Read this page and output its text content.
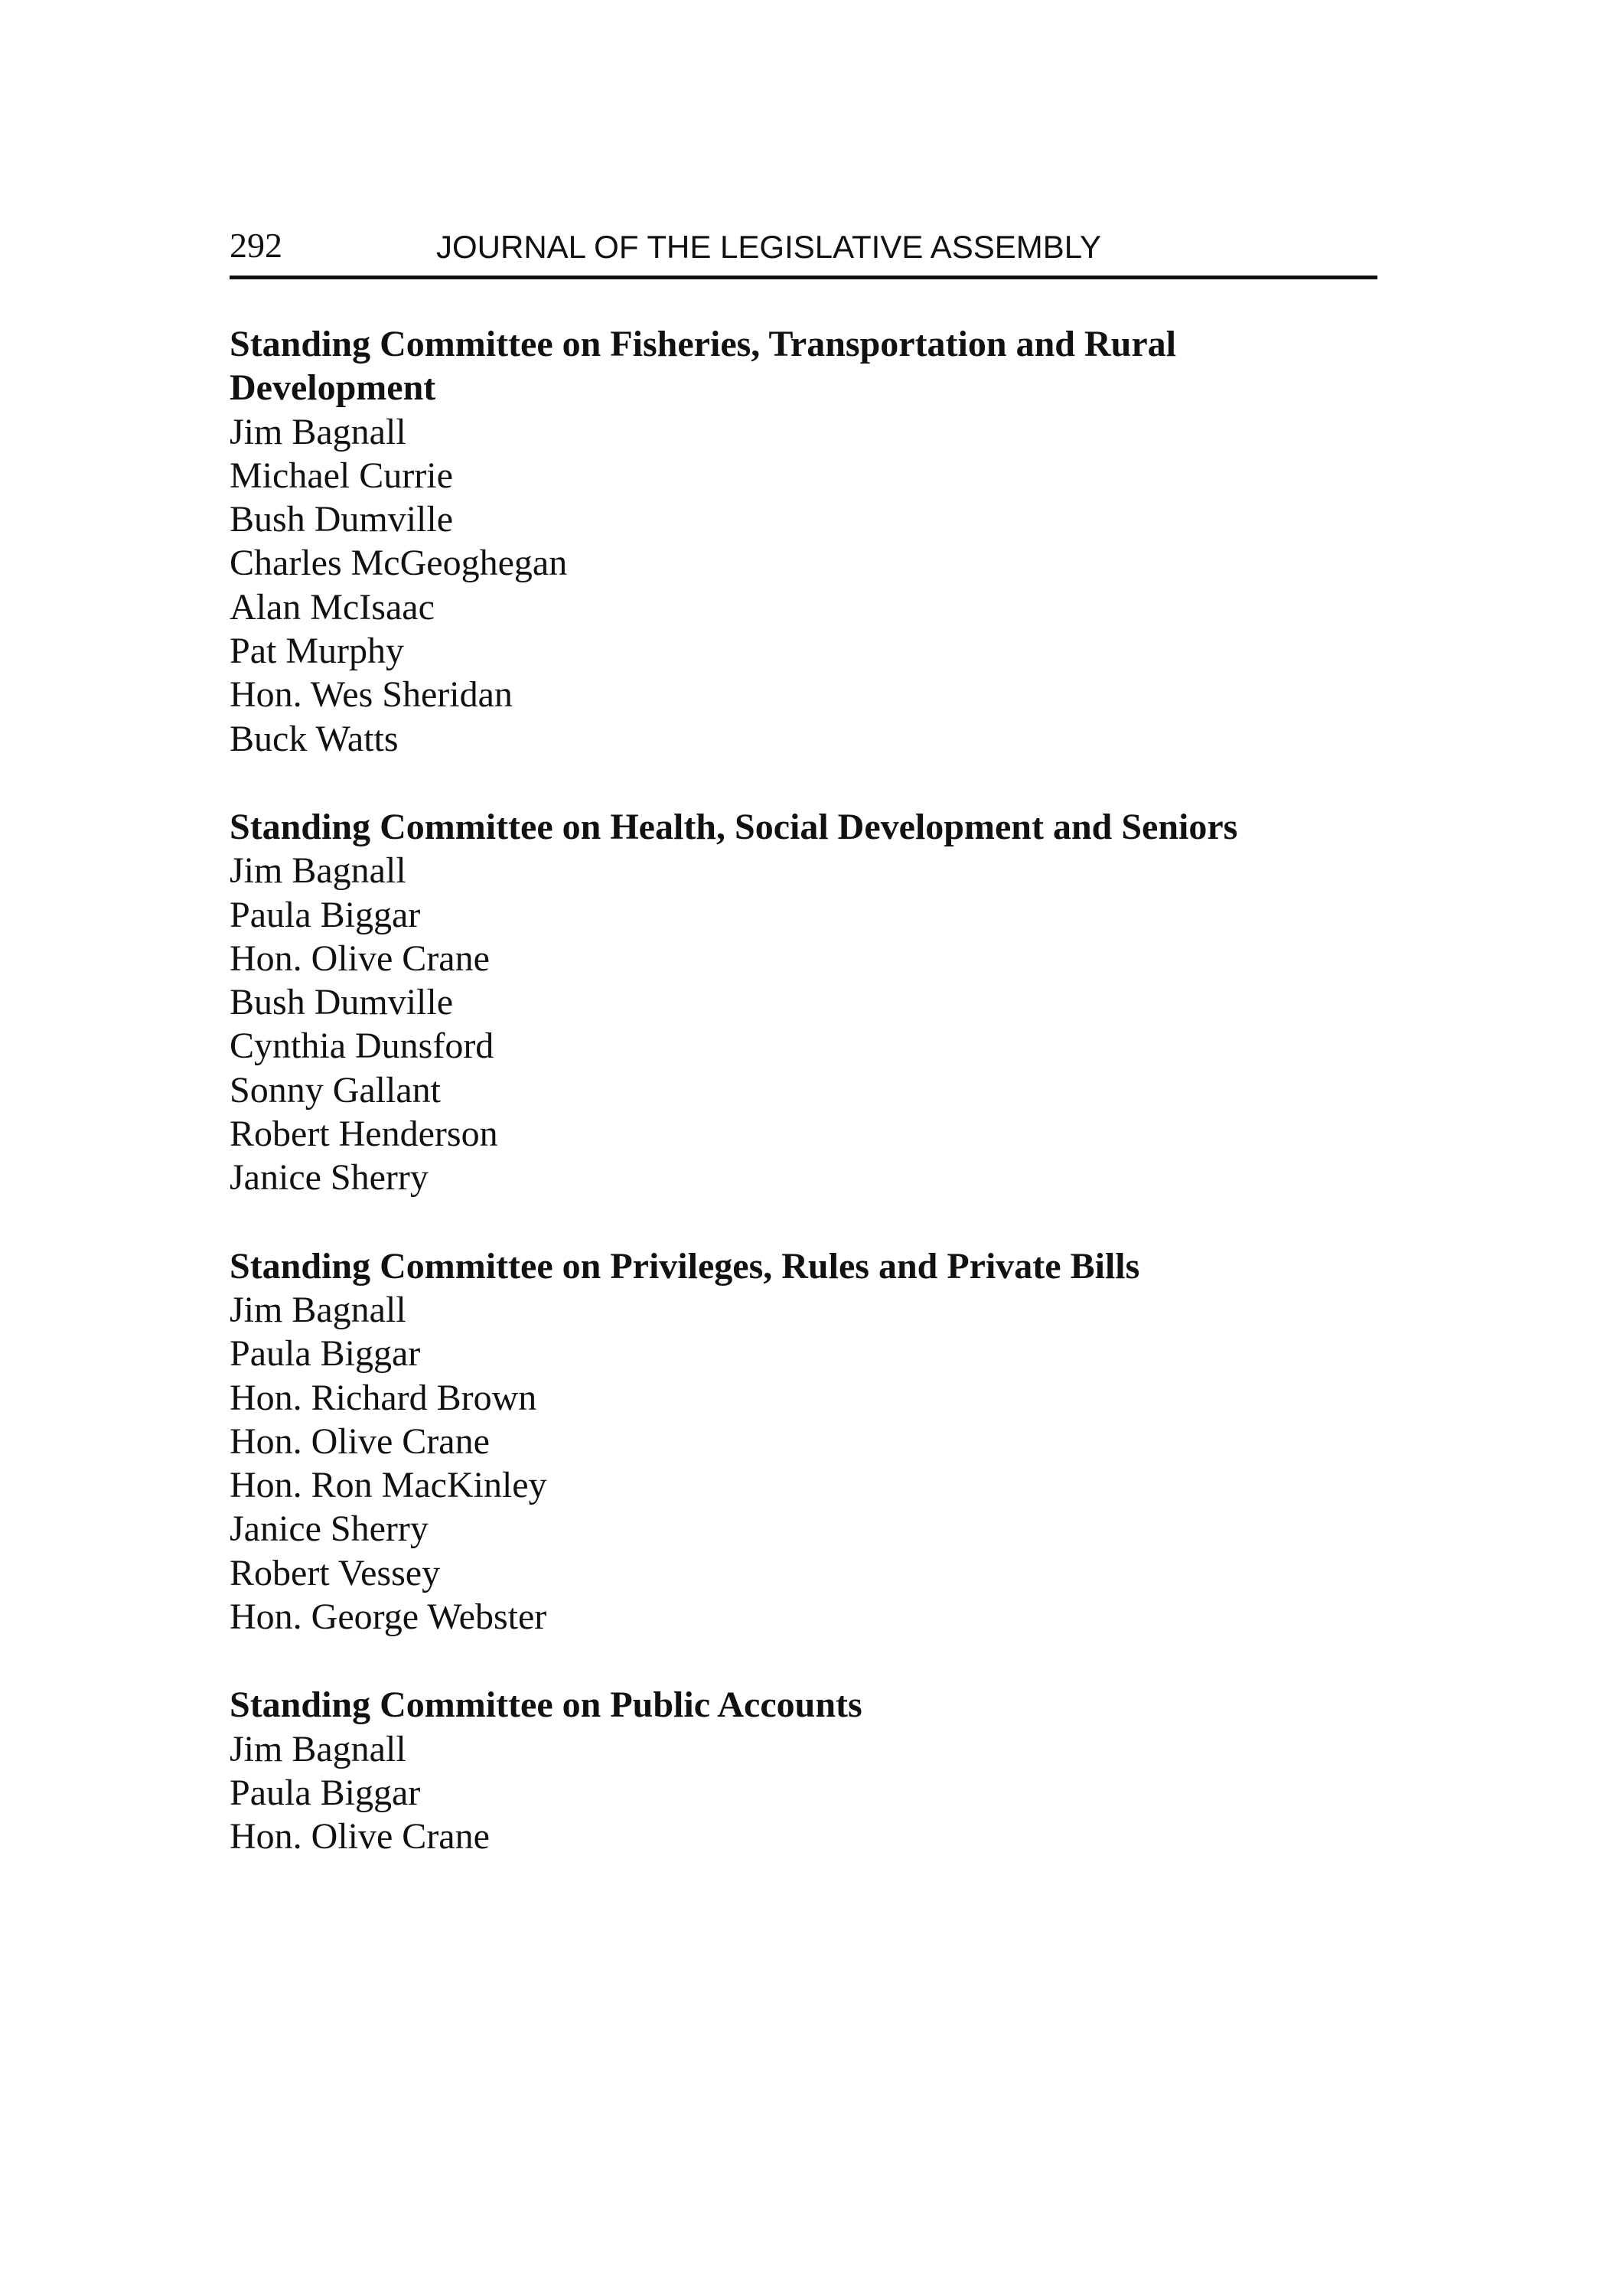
292	JOURNAL OF THE LEGISLATIVE ASSEMBLY
Standing Committee on Fisheries, Transportation and Rural Development
Jim Bagnall
Michael Currie
Bush Dumville
Charles McGeoghegan
Alan McIsaac
Pat Murphy
Hon. Wes Sheridan
Buck Watts
Standing Committee on Health, Social Development and Seniors
Jim Bagnall
Paula Biggar
Hon. Olive Crane
Bush Dumville
Cynthia Dunsford
Sonny Gallant
Robert Henderson
Janice Sherry
Standing Committee on Privileges, Rules and Private Bills
Jim Bagnall
Paula Biggar
Hon. Richard Brown
Hon. Olive Crane
Hon. Ron MacKinley
Janice Sherry
Robert Vessey
Hon. George Webster
Standing Committee on Public Accounts
Jim Bagnall
Paula Biggar
Hon. Olive Crane
